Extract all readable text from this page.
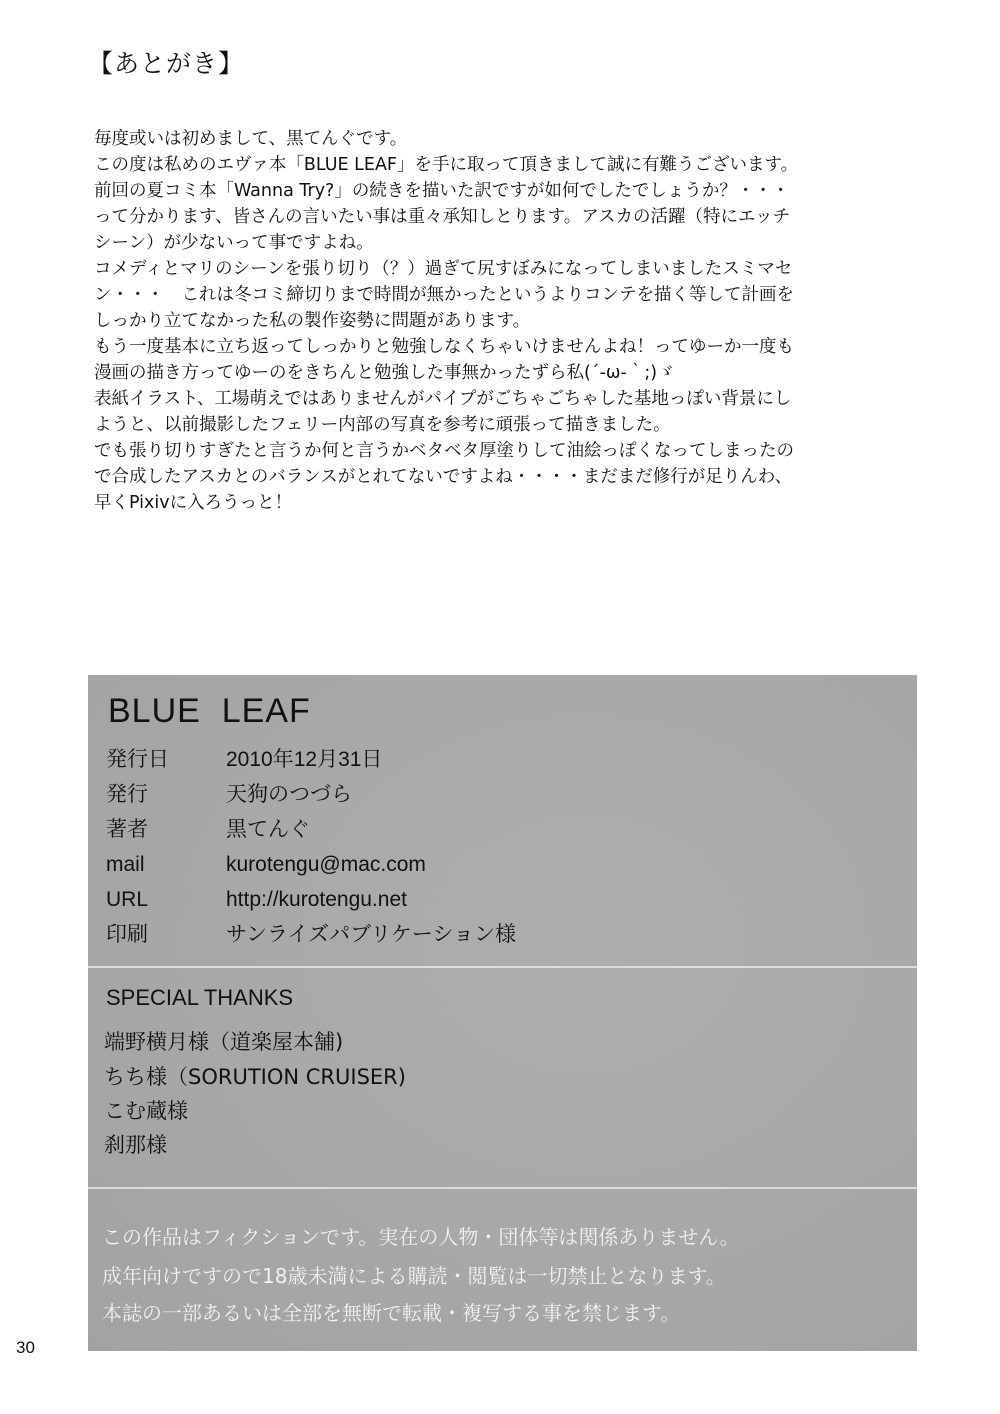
【あとがき】
毎度或いは初めまして、黒てんぐです。
この度は私めのエヴァ本「BLUE LEAF」を手に取って頂きまして誠に有難うございます。
前回の夏コミ本「Wanna Try?」の続きを描いた訳ですが如何でしたでしょうか？・・・
って分かります、皆さんの言いたい事は重々承知しとります。アスカの活躍（特にエッチ
シーン）が少ないって事ですよね。
コメディとマリのシーンを張り切り（？）過ぎて尻すぼみになってしまいましたスミマセ
ン・・・　これは冬コミ締切りまで時間が無かったというよりコンテを描く等して計画を
しっかり立てなかった私の製作姿勢に問題があります。
もう一度基本に立ち返ってしっかりと勉強しなくちゃいけませんよね！ってゆーか一度も
漫画の描き方ってゆーのをきちんと勉強した事無かったずら私(´-ω-｀;)ゞ
表紙イラスト、工場萌えではありませんがパイプがごちゃごちゃした基地っぽい背景にし
ようと、以前撮影したフェリー内部の写真を参考に頑張って描きました。
でも張り切りすぎたと言うか何と言うかベタベタ厚塗りして油絵っぽくなってしまったの
で合成したアスカとのバランスがとれてないですよね・・・・まだまだ修行が足りんわ、
早くPixivに入ろうっと！
BLUE  LEAF
発行日	2010年12月31日
発行	天狗のつづら
著者	黒てんぐ
mail	kurotengu@mac.com
URL	http://kurotengu.net
印刷	サンライズパブリケーション様
SPECIAL THANKS
端野横月様（道楽屋本舗)
ちち様（SORUTION CRUISER)
こむ蔵様
刹那様
この作品はフィクションです。実在の人物・団体等は関係ありません。
成年向けですので18歳未満による購読・閲覧は一切禁止となります。
本誌の一部あるいは全部を無断で転載・複写する事を禁じます。
30
